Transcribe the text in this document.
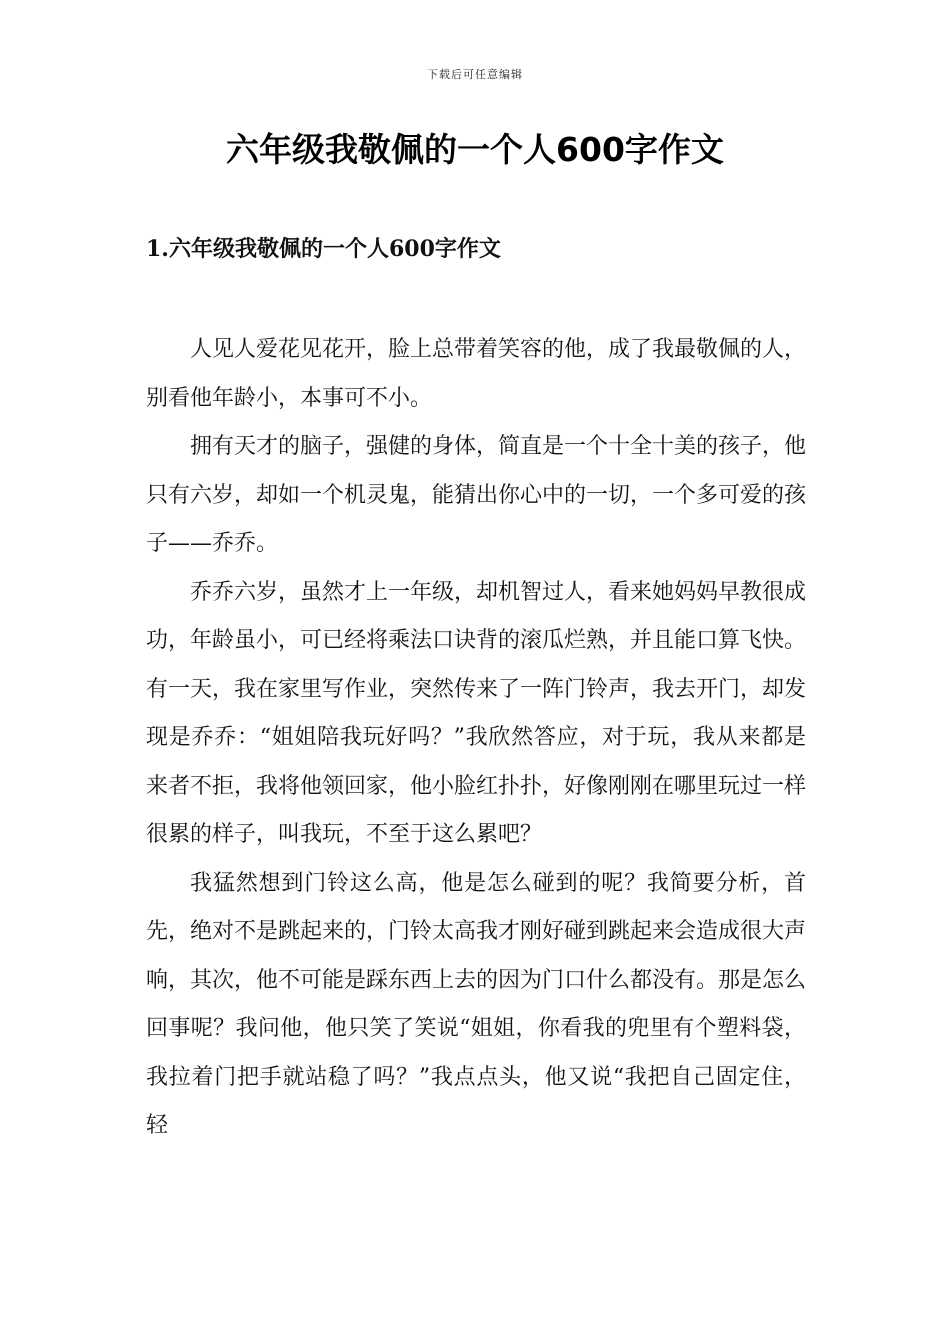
下载后可任意编辑
六年级我敬佩的一个人600字作文
1.六年级我敬佩的一个人600字作文

人见人爱花见花开，脸上总带着笑容的他，成了我最敬佩的人，别看他年龄小，本事可不小。

拥有天才的脑子，强健的身体，简直是一个十全十美的孩子，他只有六岁，却如一个机灵鬼，能猜出你心中的一切，一个多可爱的孩子——乔乔。

乔乔六岁，虽然才上一年级，却机智过人，看来她妈妈早教很成功，年龄虽小，可已经将乘法口诀背的滚瓜烂熟，并且能口算飞快。有一天，我在家里写作业，突然传来了一阵门铃声，我去开门，却发现是乔乔：“姐姐陪我玩好吗？”我欣然答应，对于玩，我从来都是来者不拒，我将他领回家，他小脸红扑扑，好像刚刚在哪里玩过一样很累的样子，叫我玩，不至于这么累吧？

我猛然想到门铃这么高，他是怎么碰到的呢？我简要分析，首先，绝对不是跳起来的，门铃太高我才刚好碰到跳起来会造成很大声响，其次，他不可能是踩东西上去的因为门口什么都没有。那是怎么回事呢？我问他，他只笑了笑说“姐姐，你看我的兜里有个塑料袋，我拉着门把手就站稳了吗？”我点点头，他又说“我把自己固定住，轻
